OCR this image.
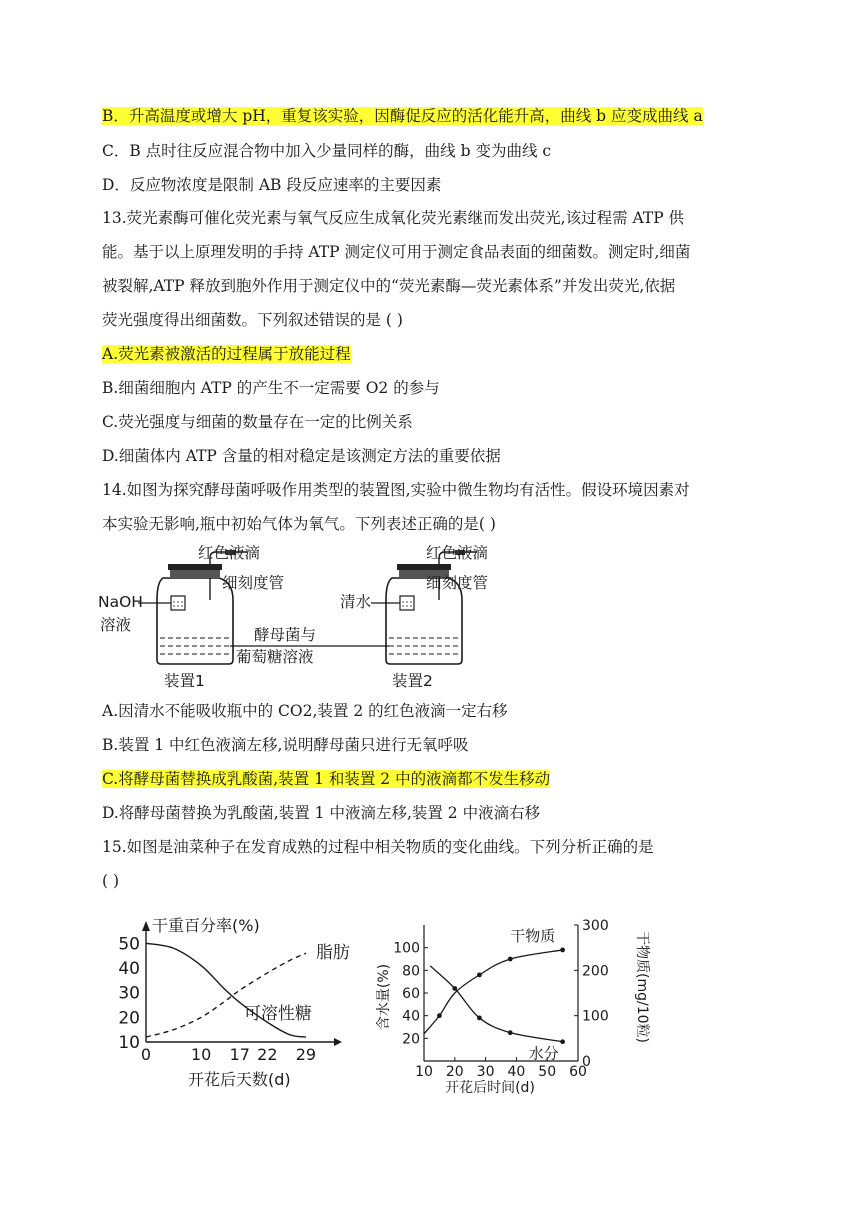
B．升高温度或增大 pH，重复该实验，因酶促反应的活化能升高，曲线 b 应变成曲线 a
C．B 点时往反应混合物中加入少量同样的酶，曲线 b 变为曲线 c
D．反应物浓度是限制 AB 段反应速率的主要因素
13.荧光素酶可催化荧光素与氧气反应生成氧化荧光素继而发出荧光,该过程需 ATP 供
能。基于以上原理发明的手持 ATP 测定仪可用于测定食品表面的细菌数。测定时,细菌
被裂解,ATP 释放到胞外作用于测定仪中的“荧光素酶—荧光素体系”并发出荧光,依据
荧光强度得出细菌数。下列叙述错误的是 ( )
A.荧光素被激活的过程属于放能过程
B.细菌细胞内 ATP 的产生不一定需要 O2 的参与
C.荧光强度与细菌的数量存在一定的比例关系
D.细菌体内 ATP 含量的相对稳定是该测定方法的重要依据
14.如图为探究酵母菌呼吸作用类型的装置图,实验中微生物均有活性。假设环境因素对
本实验无影响,瓶中初始气体为氧气。下列表述正确的是( )
红色液滴
细刻度管
NaOH
溶液
红色液滴
细刻度管
清水
酵母菌与
葡萄糖溶液
装置1	装置2
A.因清水不能吸收瓶中的 CO2,装置 2 的红色液滴一定右移
B.装置 1 中红色液滴左移,说明酵母菌只进行无氧呼吸
C.将酵母菌替换成乳酸菌,装置 1 和装置 2 中的液滴都不发生移动
D.将酵母菌替换为乳酸菌,装置 1 中液滴左移,装置 2 中液滴右移
15.如图是油菜种子在发育成熟的过程中相关物质的变化曲线。下列分析正确的是
( )
干重百分率(%)
开花后天数(d)
10
20
30
40
50
0 10 17 22 29
可溶性糖
脂肪
含水量(%)	干物质(mg/10粒)
开花后时间(d)
20
40
60
80
100
0
100
200
300
10 20 30 40 50 60
干物质
水分
